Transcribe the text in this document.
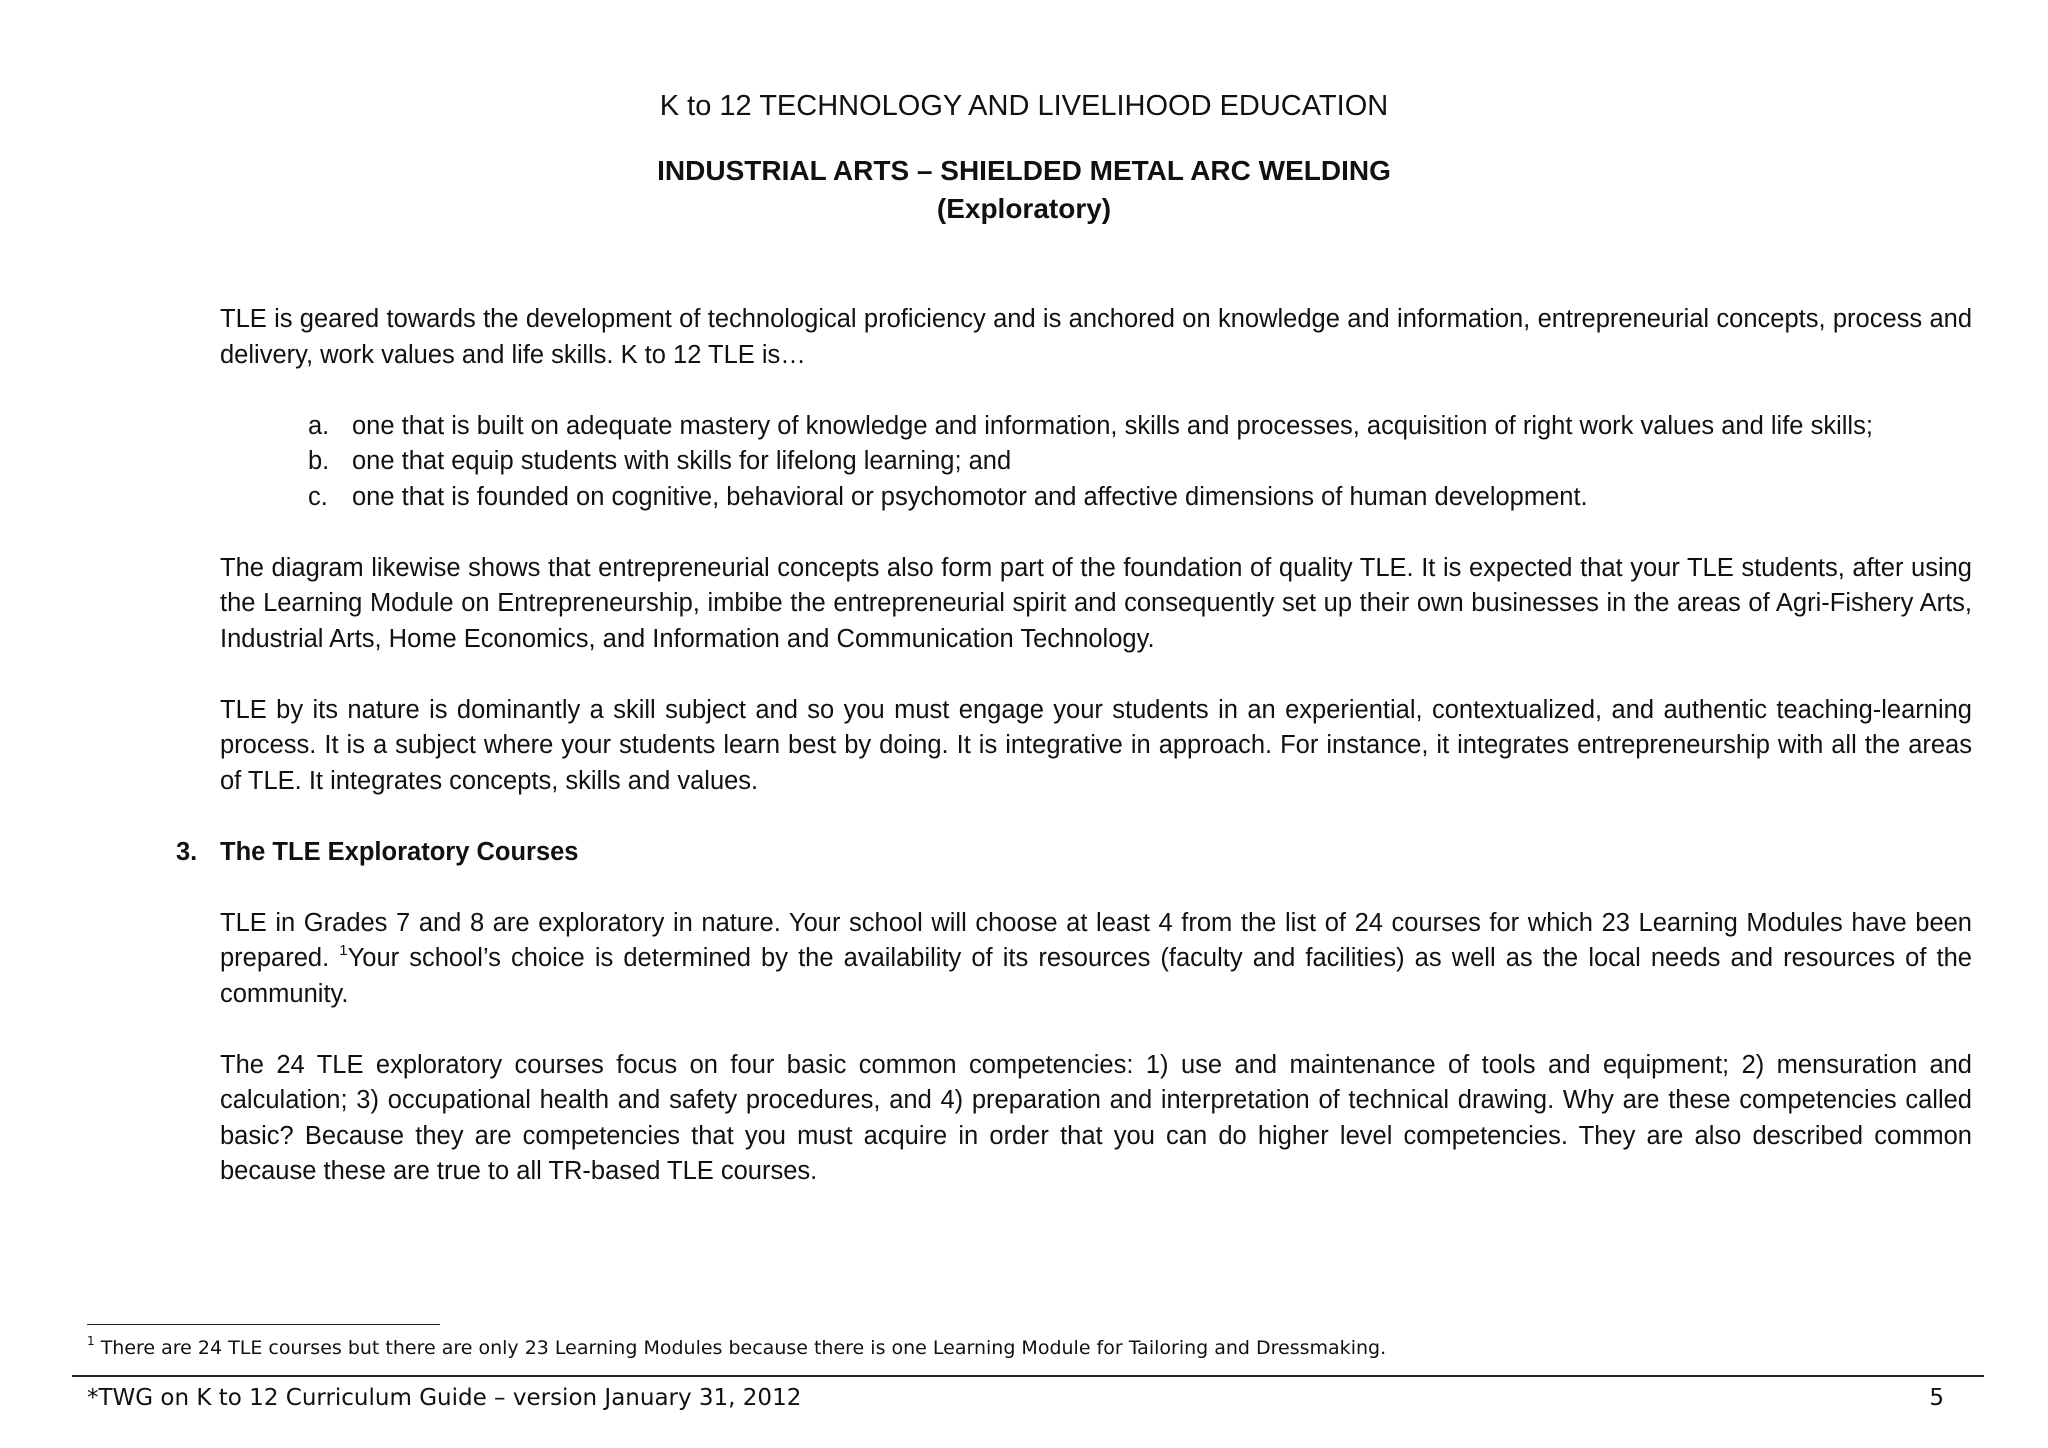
K to 12 TECHNOLOGY AND LIVELIHOOD EDUCATION
INDUSTRIAL ARTS – SHIELDED METAL ARC WELDING
(Exploratory)

TLE is geared towards the development of technological proficiency and is anchored on knowledge and information, entrepreneurial concepts, process and delivery, work values and life skills. K to 12 TLE is…

a. one that is built on adequate mastery of knowledge and information, skills and processes, acquisition of right work values and life skills;
b. one that equip students with skills for lifelong learning; and
c. one that is founded on cognitive, behavioral or psychomotor and affective dimensions of human development.

The diagram likewise shows that entrepreneurial concepts also form part of the foundation of quality TLE. It is expected that your TLE students, after using the Learning Module on Entrepreneurship, imbibe the entrepreneurial spirit and consequently set up their own businesses in the areas of Agri-Fishery Arts, Industrial Arts, Home Economics, and Information and Communication Technology.

TLE by its nature is dominantly a skill subject and so you must engage your students in an experiential, contextualized, and authentic teaching-learning process. It is a subject where your students learn best by doing. It is integrative in approach. For instance, it integrates entrepreneurship with all the areas of TLE. It integrates concepts, skills and values.

3. The TLE Exploratory Courses

TLE in Grades 7 and 8 are exploratory in nature. Your school will choose at least 4 from the list of 24 courses for which 23 Learning Modules have been prepared. $^1$Your school’s choice is determined by the availability of its resources (faculty and facilities) as well as the local needs and resources of the community.

The 24 TLE exploratory courses focus on four basic common competencies: 1) use and maintenance of tools and equipment; 2) mensuration and calculation; 3) occupational health and safety procedures, and 4) preparation and interpretation of technical drawing. Why are these competencies called basic? Because they are competencies that you must acquire in order that you can do higher level competencies. They are also described common because these are true to all TR-based TLE courses.

$^1$ There are 24 TLE courses but there are only 23 Learning Modules because there is one Learning Module for Tailoring and Dressmaking.
*TWG on K to 12 Curriculum Guide – version January 31, 2012	5
